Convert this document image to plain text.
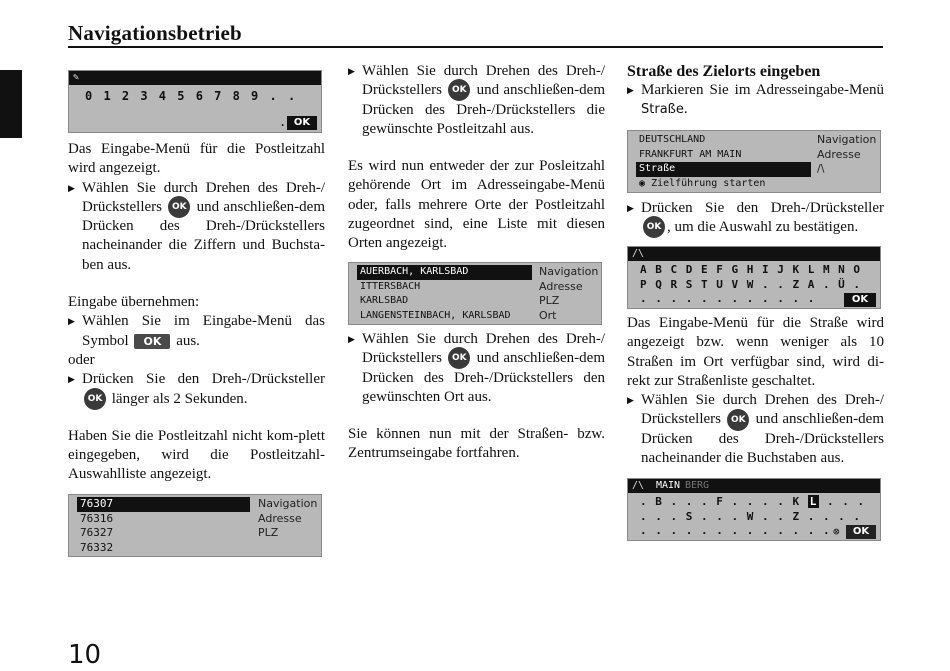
Navigationsbetrieb
✎
0 1 2 3 4 5 6 7 8 9 . .
. OK

Das Eingabe-Menü für die Postleitzahl wird angezeigt.

▶ Wählen Sie durch Drehen des Dreh-/ Drückstellers OK und anschließen-dem Drücken des Dreh-/Drückstellers nacheinander die Ziffern und Buchsta-ben aus.

Eingabe übernehmen:

▶ Wählen Sie im Eingabe-Menü das Symbol OK aus.

oder

▶ Drücken Sie den Dreh-/Drücksteller OK länger als 2 Sekunden.

Haben Sie die Postleitzahl nicht kom-plett eingegeben, wird die Postleitzahl-Auswahlliste angezeigt.

76307
76316
76327
76332
Navigation
Adresse
PLZ
▶ Wählen Sie durch Drehen des Dreh-/ Drückstellers OK und anschließen-dem Drücken des Dreh-/Drückstellers die gewünschte Postleitzahl aus.

Es wird nun entweder der zur Posleitzahl gehörende Ort im Adresseingabe-Menü oder, falls mehrere Orte der Postleitzahl zugeordnet sind, eine Liste mit diesen Orten angezeigt.

AUERBACH, KARLSBAD
ITTERSBACH
KARLSBAD
LANGENSTEINBACH, KARLSBAD
Navigation
Adresse
PLZ
Ort
▶ Wählen Sie durch Drehen des Dreh-/ Drückstellers OK und anschließen-dem Drücken des Dreh-/Drückstellers den gewünschten Ort aus.

Sie können nun mit der Straßen- bzw. Zentrumseingabe fortfahren.

Straße des Zielorts eingeben
▶ Markieren Sie im Adresseingabe-Menü Straße.
DEUTSCHLAND
FRANKFURT AM MAIN
Straße
◉ Zielführung starten
Navigation
Adresse
/\
▶ Drücken Sie den Dreh-/Drücksteller OK , um die Auswahl zu bestätigen.
/\
A B C D E F G H I J K L M N O
P Q R S T U V W . . Z A . Ü .
. . . . . . . . . . . .	OK

Das Eingabe-Menü für die Straße wird angezeigt bzw. wenn weniger als 10 Straßen im Ort verfügbar sind, wird di-rekt zur Straßenliste geschaltet.

▶ Wählen Sie durch Drehen des Dreh-/ Drückstellers OK und anschließen-dem Drücken des Dreh-/Drückstellers nacheinander die Buchstaben aus.
/\ MAIN BERG
. B . . . F . . . . K L . . .
. . . S . . . W . . Z . . . .
. . . . . . . . . . . . . ⊗	OK
10
